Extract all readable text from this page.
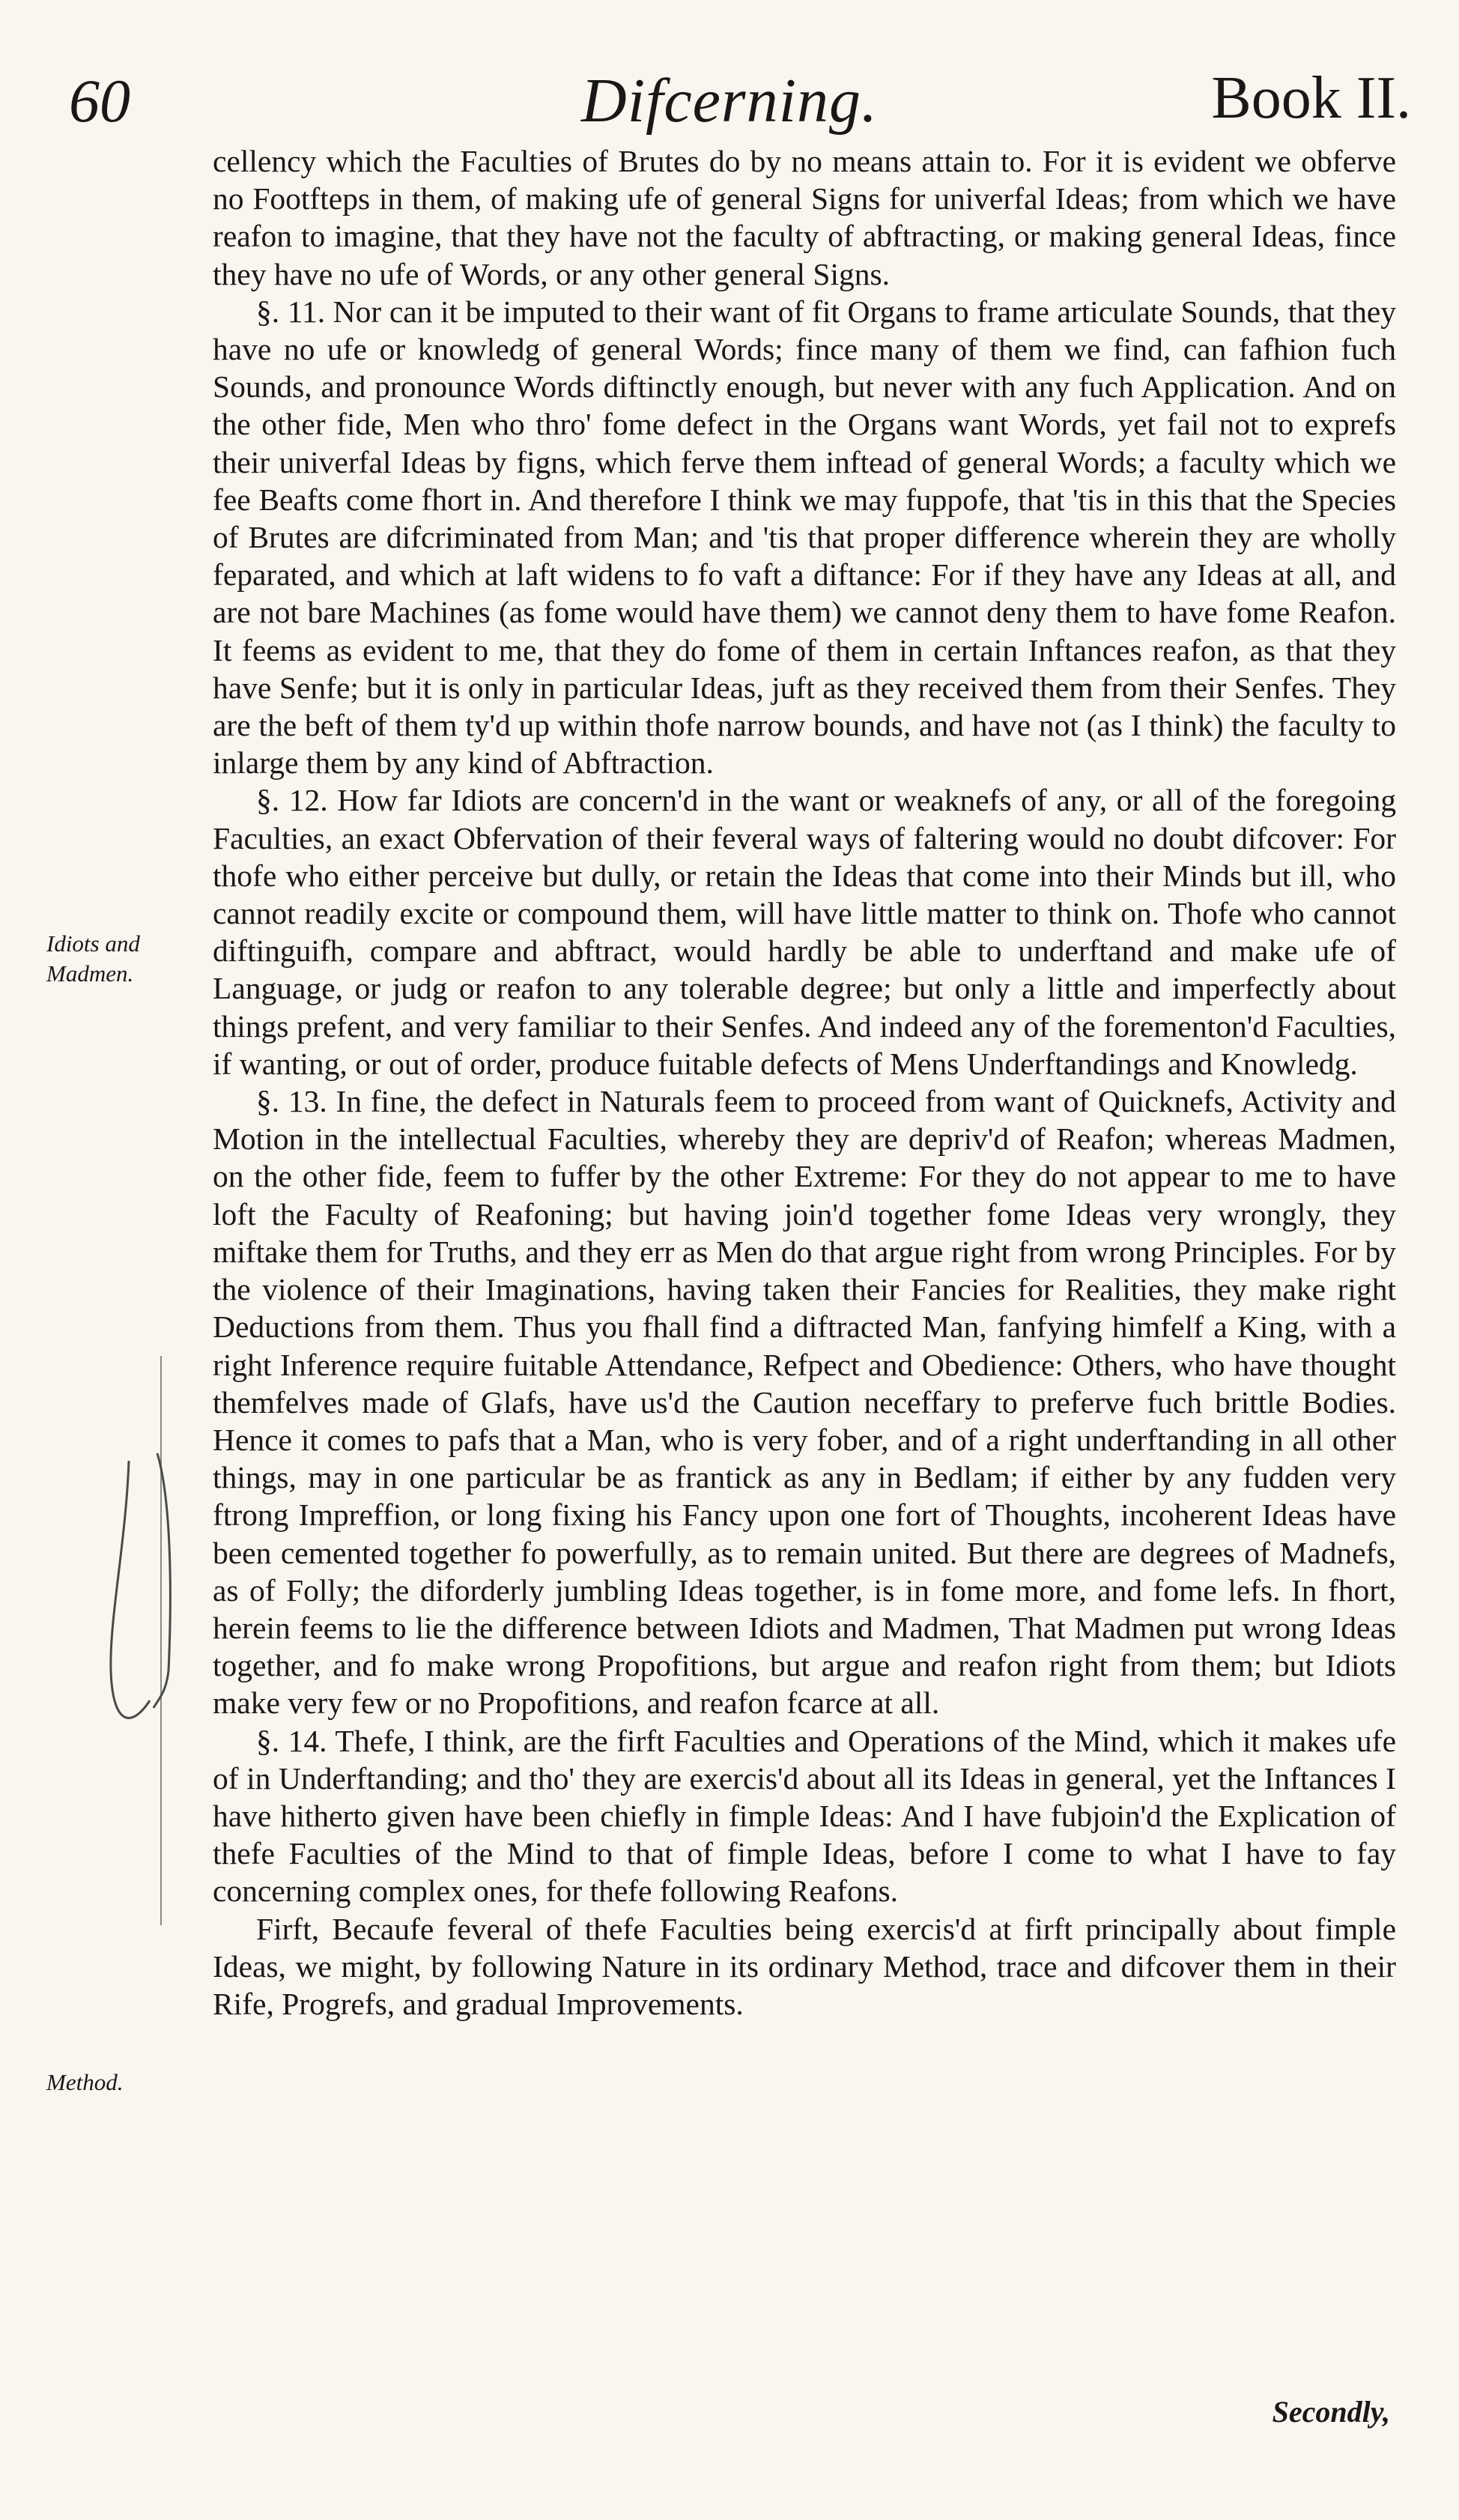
60	Difcerning.	Book II.
Idiots and Madmen.
Method.

cellency which the Faculties of Brutes do by no means attain to. For it is evident we obferve no Footfteps in them, of making ufe of general Signs for univerfal Ideas; from which we have reafon to imagine, that they have not the faculty of abftracting, or making general Ideas, fince they have no ufe of Words, or any other general Signs.

§. 11. Nor can it be imputed to their want of fit Organs to frame articulate Sounds, that they have no ufe or knowledg of general Words; fince many of them we find, can fafhion fuch Sounds, and pronounce Words diftinctly enough, but never with any fuch Application. And on the other fide, Men who thro' fome defect in the Organs want Words, yet fail not to exprefs their univerfal Ideas by figns, which ferve them inftead of general Words; a faculty which we fee Beafts come fhort in. And therefore I think we may fuppofe, that 'tis in this that the Species of Brutes are difcriminated from Man; and 'tis that proper difference wherein they are wholly feparated, and which at laft widens to fo vaft a diftance: For if they have any Ideas at all, and are not bare Machines (as fome would have them) we cannot deny them to have fome Reafon. It feems as evident to me, that they do fome of them in certain Inftances reafon, as that they have Senfe; but it is only in particular Ideas, juft as they received them from their Senfes. They are the beft of them ty'd up within thofe narrow bounds, and have not (as I think) the faculty to inlarge them by any kind of Abftraction.

§. 12. How far Idiots are concern'd in the want or weaknefs of any, or all of the foregoing Faculties, an exact Obfervation of their feveral ways of faltering would no doubt difcover: For thofe who either perceive but dully, or retain the Ideas that come into their Minds but ill, who cannot readily excite or compound them, will have little matter to think on. Thofe who cannot diftinguifh, compare and abftract, would hardly be able to underftand and make ufe of Language, or judg or reafon to any tolerable degree; but only a little and imperfectly about things prefent, and very familiar to their Senfes. And indeed any of the forementon'd Faculties, if wanting, or out of order, produce fuitable defects of Mens Underftandings and Knowledg.

§. 13. In fine, the defect in Naturals feem to proceed from want of Quicknefs, Activity and Motion in the intellectual Faculties, whereby they are depriv'd of Reafon; whereas Madmen, on the other fide, feem to fuffer by the other Extreme: For they do not appear to me to have loft the Faculty of Reafoning; but having join'd together fome Ideas very wrongly, they miftake them for Truths, and they err as Men do that argue right from wrong Principles. For by the violence of their Imaginations, having taken their Fancies for Realities, they make right Deductions from them. Thus you fhall find a diftracted Man, fanfying himfelf a King, with a right Inference require fuitable Attendance, Refpect and Obedience: Others, who have thought themfelves made of Glafs, have us'd the Caution neceffary to preferve fuch brittle Bodies. Hence it comes to pafs that a Man, who is very fober, and of a right underftanding in all other things, may in one particular be as frantick as any in Bedlam; if either by any fudden very ftrong Impreffion, or long fixing his Fancy upon one fort of Thoughts, incoherent Ideas have been cemented together fo powerfully, as to remain united. But there are degrees of Madnefs, as of Folly; the diforderly jumbling Ideas together, is in fome more, and fome lefs. In fhort, herein feems to lie the difference between Idiots and Madmen, That Madmen put wrong Ideas together, and fo make wrong Propofitions, but argue and reafon right from them; but Idiots make very few or no Propofitions, and reafon fcarce at all.

§. 14. Thefe, I think, are the firft Faculties and Operations of the Mind, which it makes ufe of in Underftanding; and tho' they are exercis'd about all its Ideas in general, yet the Inftances I have hitherto given have been chiefly in fimple Ideas: And I have fubjoin'd the Explication of thefe Faculties of the Mind to that of fimple Ideas, before I come to what I have to fay concerning complex ones, for thefe following Reafons.

Firft, Becaufe feveral of thefe Faculties being exercis'd at firft principally about fimple Ideas, we might, by following Nature in its ordinary Method, trace and difcover them in their Rife, Progrefs, and gradual Improvements.

Secondly,
